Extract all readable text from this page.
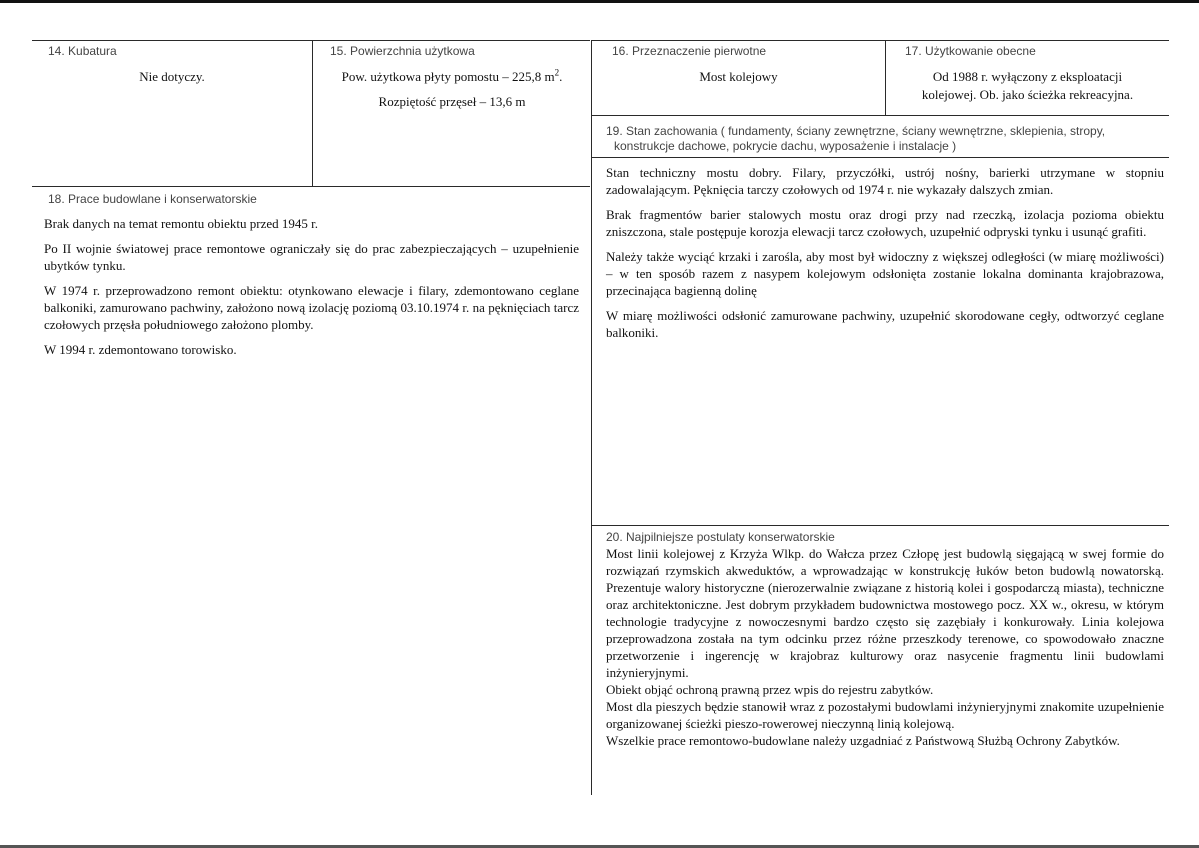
14. Kubatura
Nie dotyczy.
15. Powierzchnia użytkowa
Pow. użytkowa płyty pomostu – 225,8 $m^2$.
Rozpiętość przęseł – 13,6 m
16. Przeznaczenie pierwotne
Most kolejowy
17. Użytkowanie obecne
Od 1988 r. wyłączony z eksploatacji
kolejowej. Ob. jako ścieżka rekreacyjna.
18. Prace budowlane i konserwatorskie

Brak danych na temat remontu obiektu przed 1945 r.

Po II wojnie światowej prace remontowe ograniczały się do prac zabezpieczających – uzupełnienie ubytków tynku.

W 1974 r. przeprowadzono remont obiektu: otynkowano elewacje i filary, zdemontowano ceglane balkoniki, zamurowano pachwiny, założono nową izolację poziomą 03.10.1974 r. na pęknięciach tarcz czołowych przęsła południowego założono plomby.

W 1994 r. zdemontowano torowisko.

19. Stan zachowania ( fundamenty, ściany zewnętrzne, ściany wewnętrzne, sklepienia, stropy,
konstrukcje dachowe, pokrycie dachu, wyposażenie i instalacje )

Stan techniczny mostu dobry. Filary, przyczółki, ustrój nośny, barierki utrzymane w stopniu zadowalającym. Pęknięcia tarczy czołowych od 1974 r. nie wykazały dalszych zmian.

Brak fragmentów barier stalowych mostu oraz drogi przy nad rzeczką, izolacja pozioma obiektu zniszczona, stale postępuje korozja elewacji tarcz czołowych, uzupełnić odpryski tynku i usunąć grafiti.

Należy także wyciąć krzaki i zarośla, aby most był widoczny z większej odległości (w miarę możliwości) – w ten sposób razem z nasypem kolejowym odsłonięta zostanie lokalna dominanta krajobrazowa, przecinająca bagienną dolinę

W miarę możliwości odsłonić zamurowane pachwiny, uzupełnić skorodowane cegły, odtworzyć ceglane balkoniki.

20. Najpilniejsze postulaty konserwatorskie

Most linii kolejowej z Krzyża Wlkp. do Wałcza przez Człopę jest budowlą sięgającą w swej formie do rozwiązań rzymskich akweduktów, a wprowadzając w konstrukcję łuków beton budowlą nowatorską. Prezentuje walory historyczne (nierozerwalnie związane z historią kolei i gospodarczą miasta), techniczne oraz architektoniczne. Jest dobrym przykładem budownictwa mostowego pocz. XX w., okresu, w którym technologie tradycyjne z nowoczesnymi bardzo często się zazębiały i konkurowały. Linia kolejowa przeprowadzona została na tym odcinku przez różne przeszkody terenowe, co spowodowało znaczne przetworzenie i ingerencję w krajobraz kulturowy oraz nasycenie fragmentu linii budowlami inżynieryjnymi.

Obiekt objąć ochroną prawną przez wpis do rejestru zabytków.

Most dla pieszych będzie stanowił wraz z pozostałymi budowlami inżynieryjnymi znakomite uzupełnienie organizowanej ścieżki pieszo-rowerowej nieczynną linią kolejową.

Wszelkie prace remontowo-budowlane należy uzgadniać z Państwową Służbą Ochrony Zabytków.
